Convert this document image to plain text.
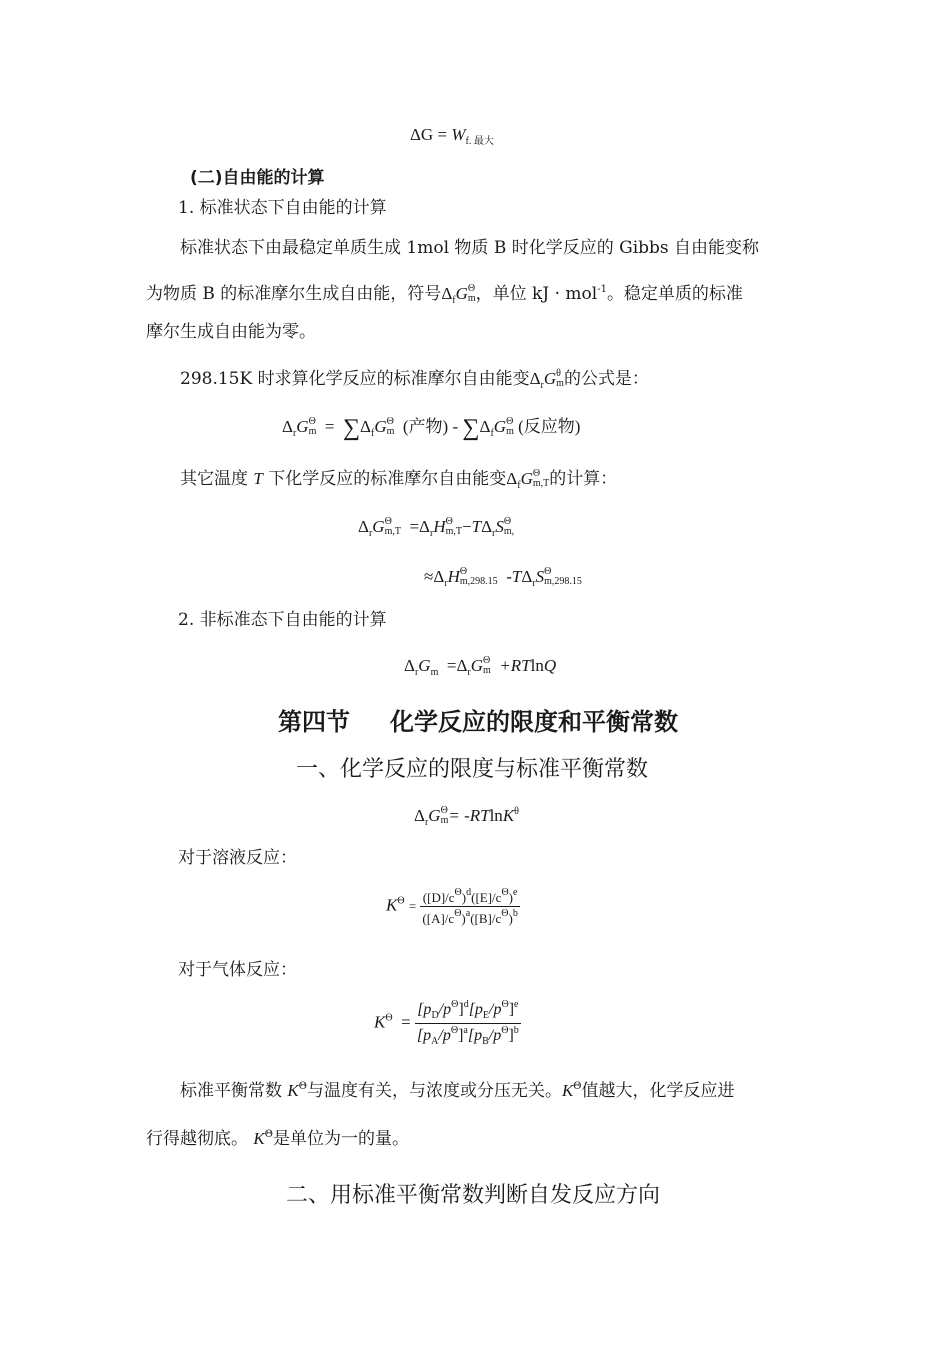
$\Delta G = W_{f. 最大}$
(二)自由能的计算
1. 标准状态下自由能的计算
标准状态下由最稳定单质生成 1mol 物质 B 时化学反应的 Gibbs 自由能变称
为物质 B 的标准摩尔生成自由能，符号$\Delta_fG$ Θ
m ，单位 kJ · mol$^{-1}$。稳定单质的标准
摩尔生成自由能为零。
298.15K 时求算化学反应的标准摩尔自由能变$\Delta_rG$ θ
m 的公式是：
$\Delta_rG$ Θ
$m = \sum\Delta_fG$ Θ
m (产物) - $\sum\Delta_fG$ Θ
m (反应物)
其它温度 T 下化学反应的标准摩尔自由能变$\Delta_fG$ Θ
m,T 的计算：
$\Delta_rG$ Θ
$m,T =\Delta_rH$ Θ
$m,T -T\Delta_rS$ Θ
m,
$\approx\Delta_rH$ Θ
m,298.15 $-T\Delta_rS$ Θ
m,298.15
2. 非标准态下自由能的计算
$\Delta_rG_m =\Delta_rG$ Θ
m +RTlnQ
第四节 化学反应的限度和平衡常数
一、化学反应的限度与标准平衡常数
$\Delta_rG$ Θ
m = -RTlnK$^\theta$
对于溶液反应：
$K^\Theta = \frac{([D]/c^\Theta)^d([E]/c^\Theta)^e}{([A]/c^\Theta)^a([B]/c^\Theta)^b}$
对于气体反应：
$K^\Theta = \frac{[p_D/p^\Theta]^d[p_E/p^\Theta]^e}{[p_A/p^\Theta]^a[p_B/p^\Theta]^b}$
标准平衡常数 $K^\Theta$与温度有关，与浓度或分压无关。$K^\Theta$值越大，化学反应进
行得越彻底。 $K^\Theta$是单位为一的量。
二、用标准平衡常数判断自发反应方向
